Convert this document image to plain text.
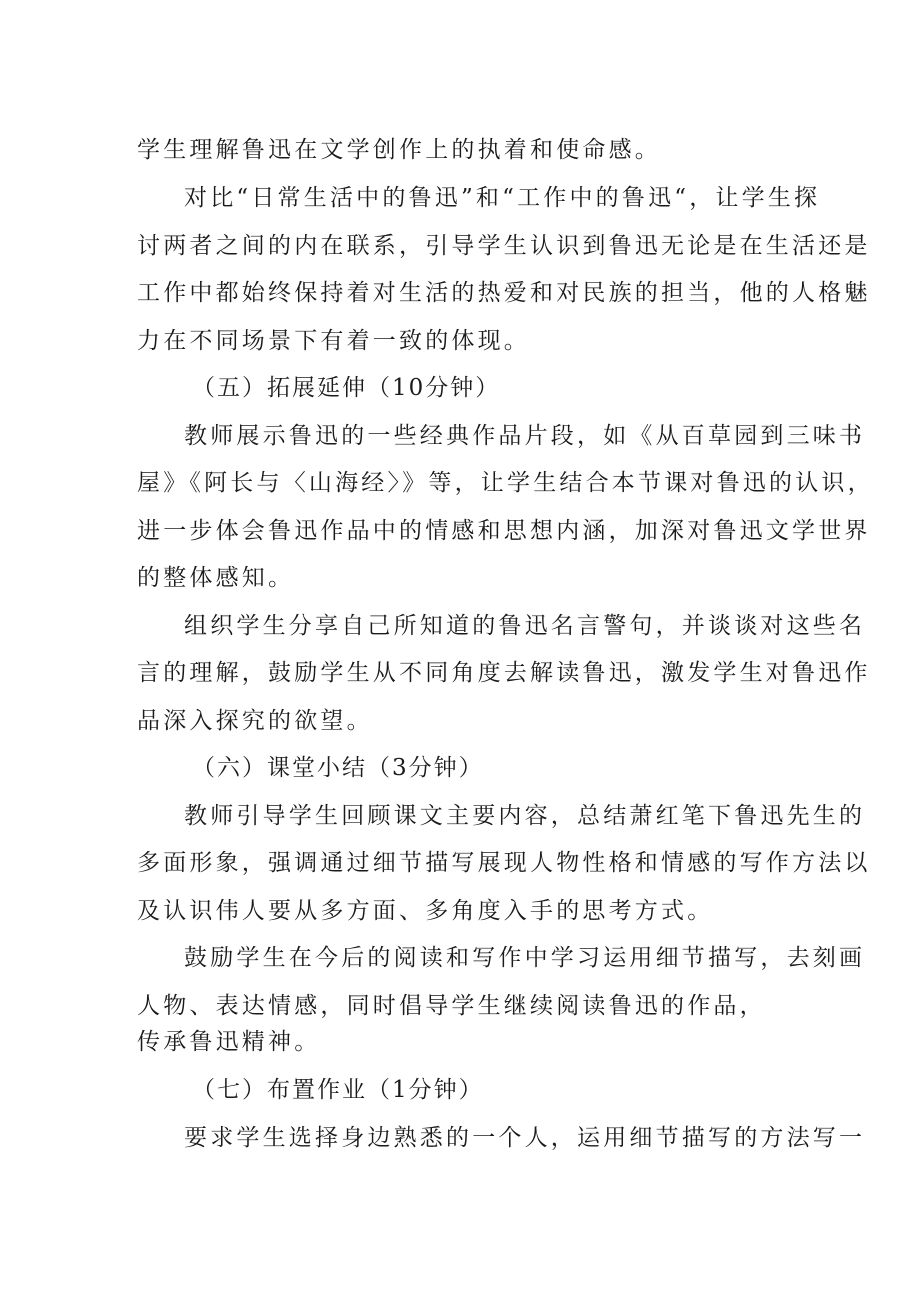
学生理解鲁迅在文学创作上的执着和使命感。
对比“日常生活中的鲁迅”和“工作中的鲁迅“，让学生探
讨两者之间的内在联系，引导学生认识到鲁迅无论是在生活还是
工作中都始终保持着对生活的热爱和对民族的担当，他的人格魅
力在不同场景下有着一致的体现。
（五）拓展延伸（10分钟）
教师展示鲁迅的一些经典作品片段，如《从百草园到三味书
屋》《阿长与〈山海经〉》等，让学生结合本节课对鲁迅的认识，
进一步体会鲁迅作品中的情感和思想内涵，加深对鲁迅文学世界
的整体感知。
组织学生分享自己所知道的鲁迅名言警句，并谈谈对这些名
言的理解，鼓励学生从不同角度去解读鲁迅，激发学生对鲁迅作
品深入探究的欲望。
（六）课堂小结（3分钟）
教师引导学生回顾课文主要内容，总结萧红笔下鲁迅先生的
多面形象，强调通过细节描写展现人物性格和情感的写作方法以
及认识伟人要从多方面、多角度入手的思考方式。
鼓励学生在今后的阅读和写作中学习运用细节描写，去刻画
人物、表达情感，同时倡导学生继续阅读鲁迅的作品，
传承鲁迅精神。
（七）布置作业（1分钟）
要求学生选择身边熟悉的一个人，运用细节描写的方法写一
